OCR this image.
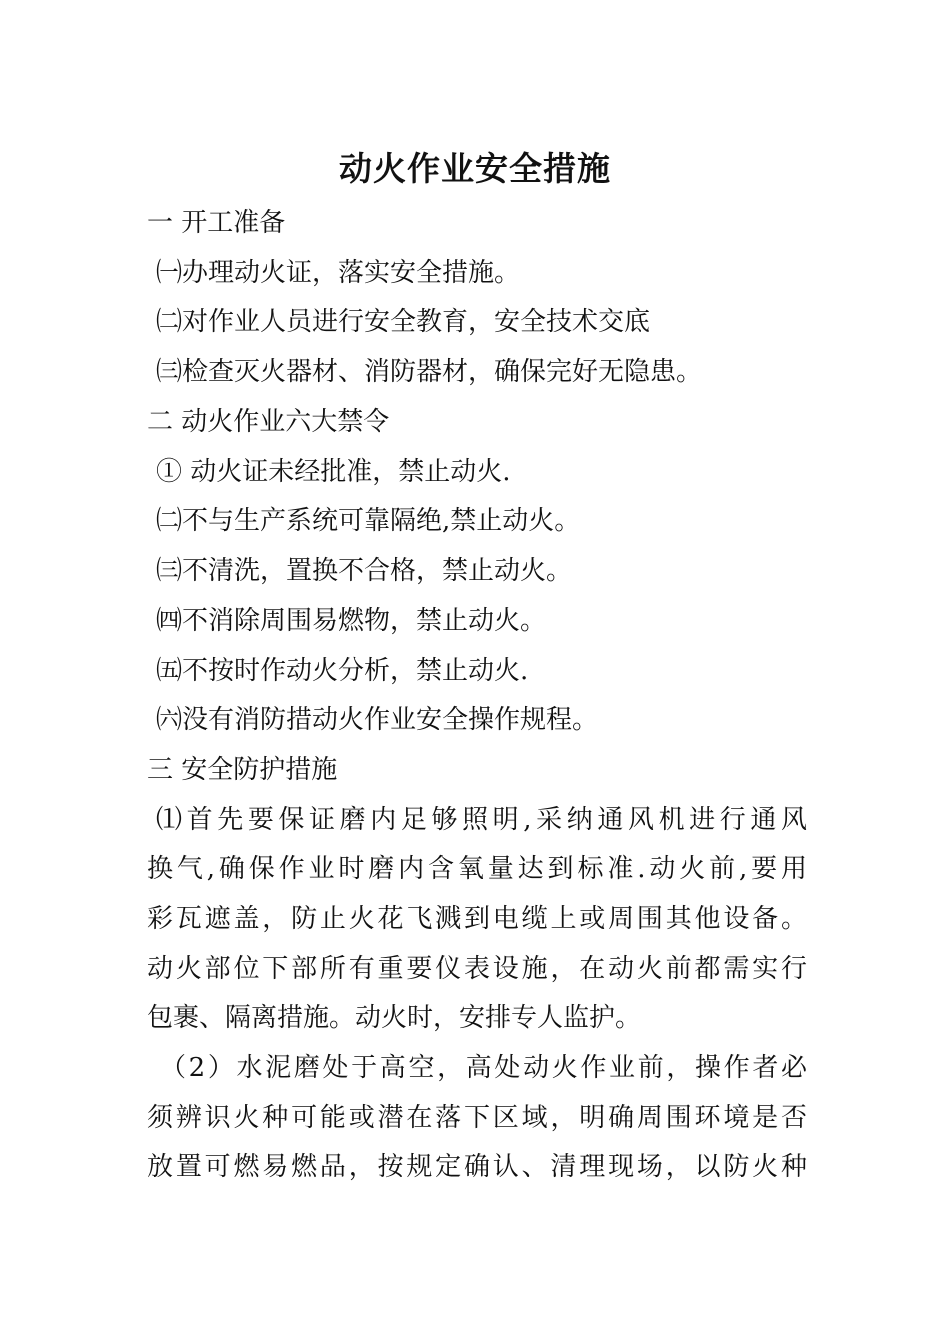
动火作业安全措施
一 开工准备
㈠办理动火证，落实安全措施。
㈡对作业人员进行安全教育，安全技术交底
㈢检查灭火器材、消防器材，确保完好无隐患。
二 动火作业六大禁令
① 动火证未经批准，禁止动火.
㈡不与生产系统可靠隔绝,禁止动火。
㈢不清洗，置换不合格，禁止动火。
㈣不消除周围易燃物，禁止动火。
㈤不按时作动火分析，禁止动火.
㈥没有消防措动火作业安全操作规程。
三 安全防护措施
⑴首先要保证磨内足够照明,采纳通风机进行通风
换气,确保作业时磨内含氧量达到标准.动火前,要用
彩瓦遮盖，防止火花飞溅到电缆上或周围其他设备。
动火部位下部所有重要仪表设施，在动火前都需实行
包裹、隔离措施。动火时，安排专人监护。
（2）水泥磨处于高空，高处动火作业前，操作者必
须辨识火种可能或潜在落下区域，明确周围环境是否
放置可燃易燃品，按规定确认、清理现场，以防火种
